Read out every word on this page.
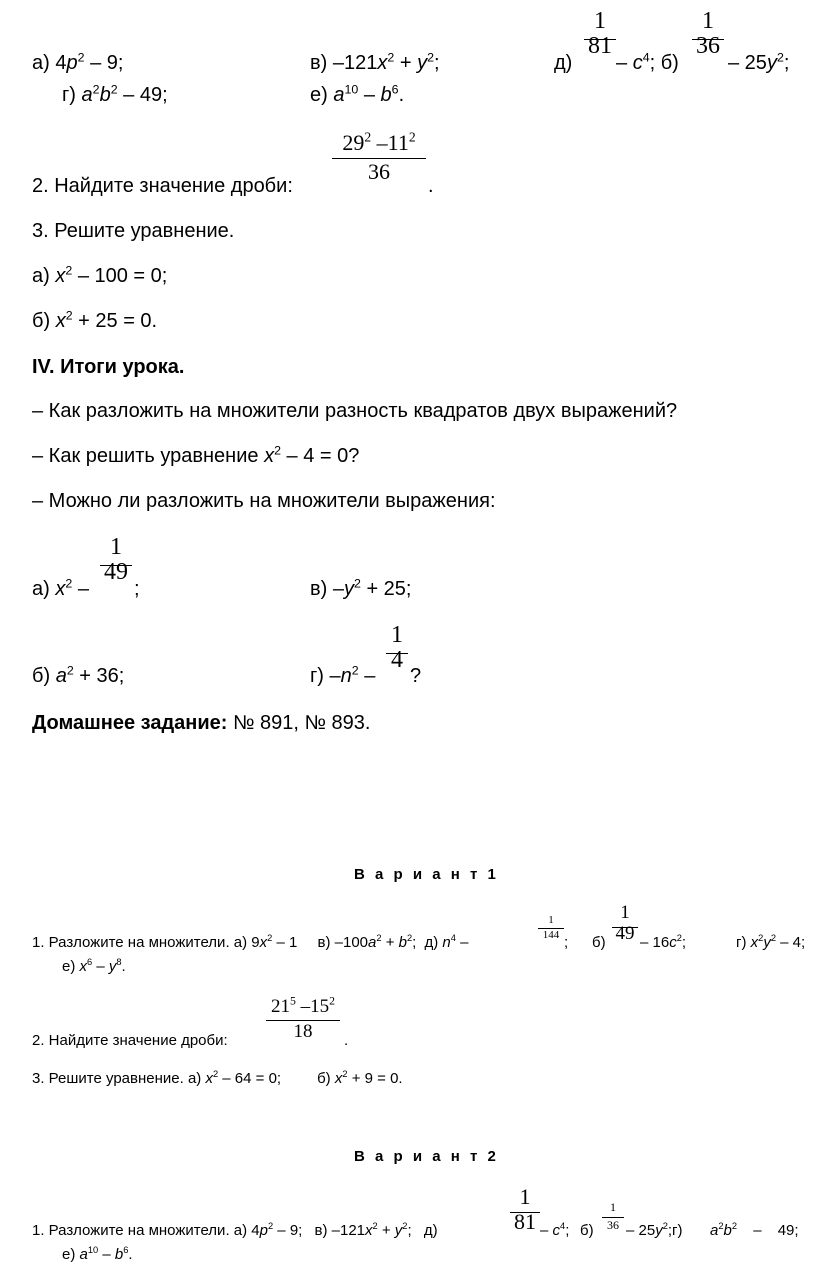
а) $4p^2 - 9$;	в) $-121x^2 + y^2$;	д)
1
81
– $c^4$; б)
1
36
– $25y^2$;
г) $a^2b^2 - 49$;	е) $a^{10} - b^6$.
2. Найдите значение дроби:
$29^2$ $-11^2$
36
.
3. Решите уравнение.
а) $x^2 - 100 = 0$;
б) $x^2 + 25 = 0$.
IV. Итоги урока.
– Как разложить на множители разность квадратов двух выражений?
– Как решить уравнение $x^2 - 4 = 0$?
– Можно ли разложить на множители выражения:
а) $x^2$ –
1
49
;	в) $-y^2 + 25$;
б) $a^2 + 36$;	г) $-n^2$ –
1
4
?
Домашнее задание: № 891, № 893.
В а р и а н т 1
1. Разложите на множители. а) $9x^2 - 1$ в) $-100a^2 + b^2$; д) $n^4$ –
1
144 ; б)
1
$49 - 16c^2$;	г) $x^2y^2 - 4$;
е) $x^6 - y^8$.
2. Найдите значение дроби:
$21^5$ $-15^2$
18	.
3. Решите уравнение. а) $x^2 - 64 = 0$; б) $x^2 + 9 = 0$.
В а р и а н т 2
1. Разложите на множители. а) $4p^2 - 9$; в) $-121x^2 + y^2$; д)
1
$81 - c^4$; б)
1
$36 - 25y^2;г$) $a^2b^2 - 49$;
е) $a^{10} - b^6$.
